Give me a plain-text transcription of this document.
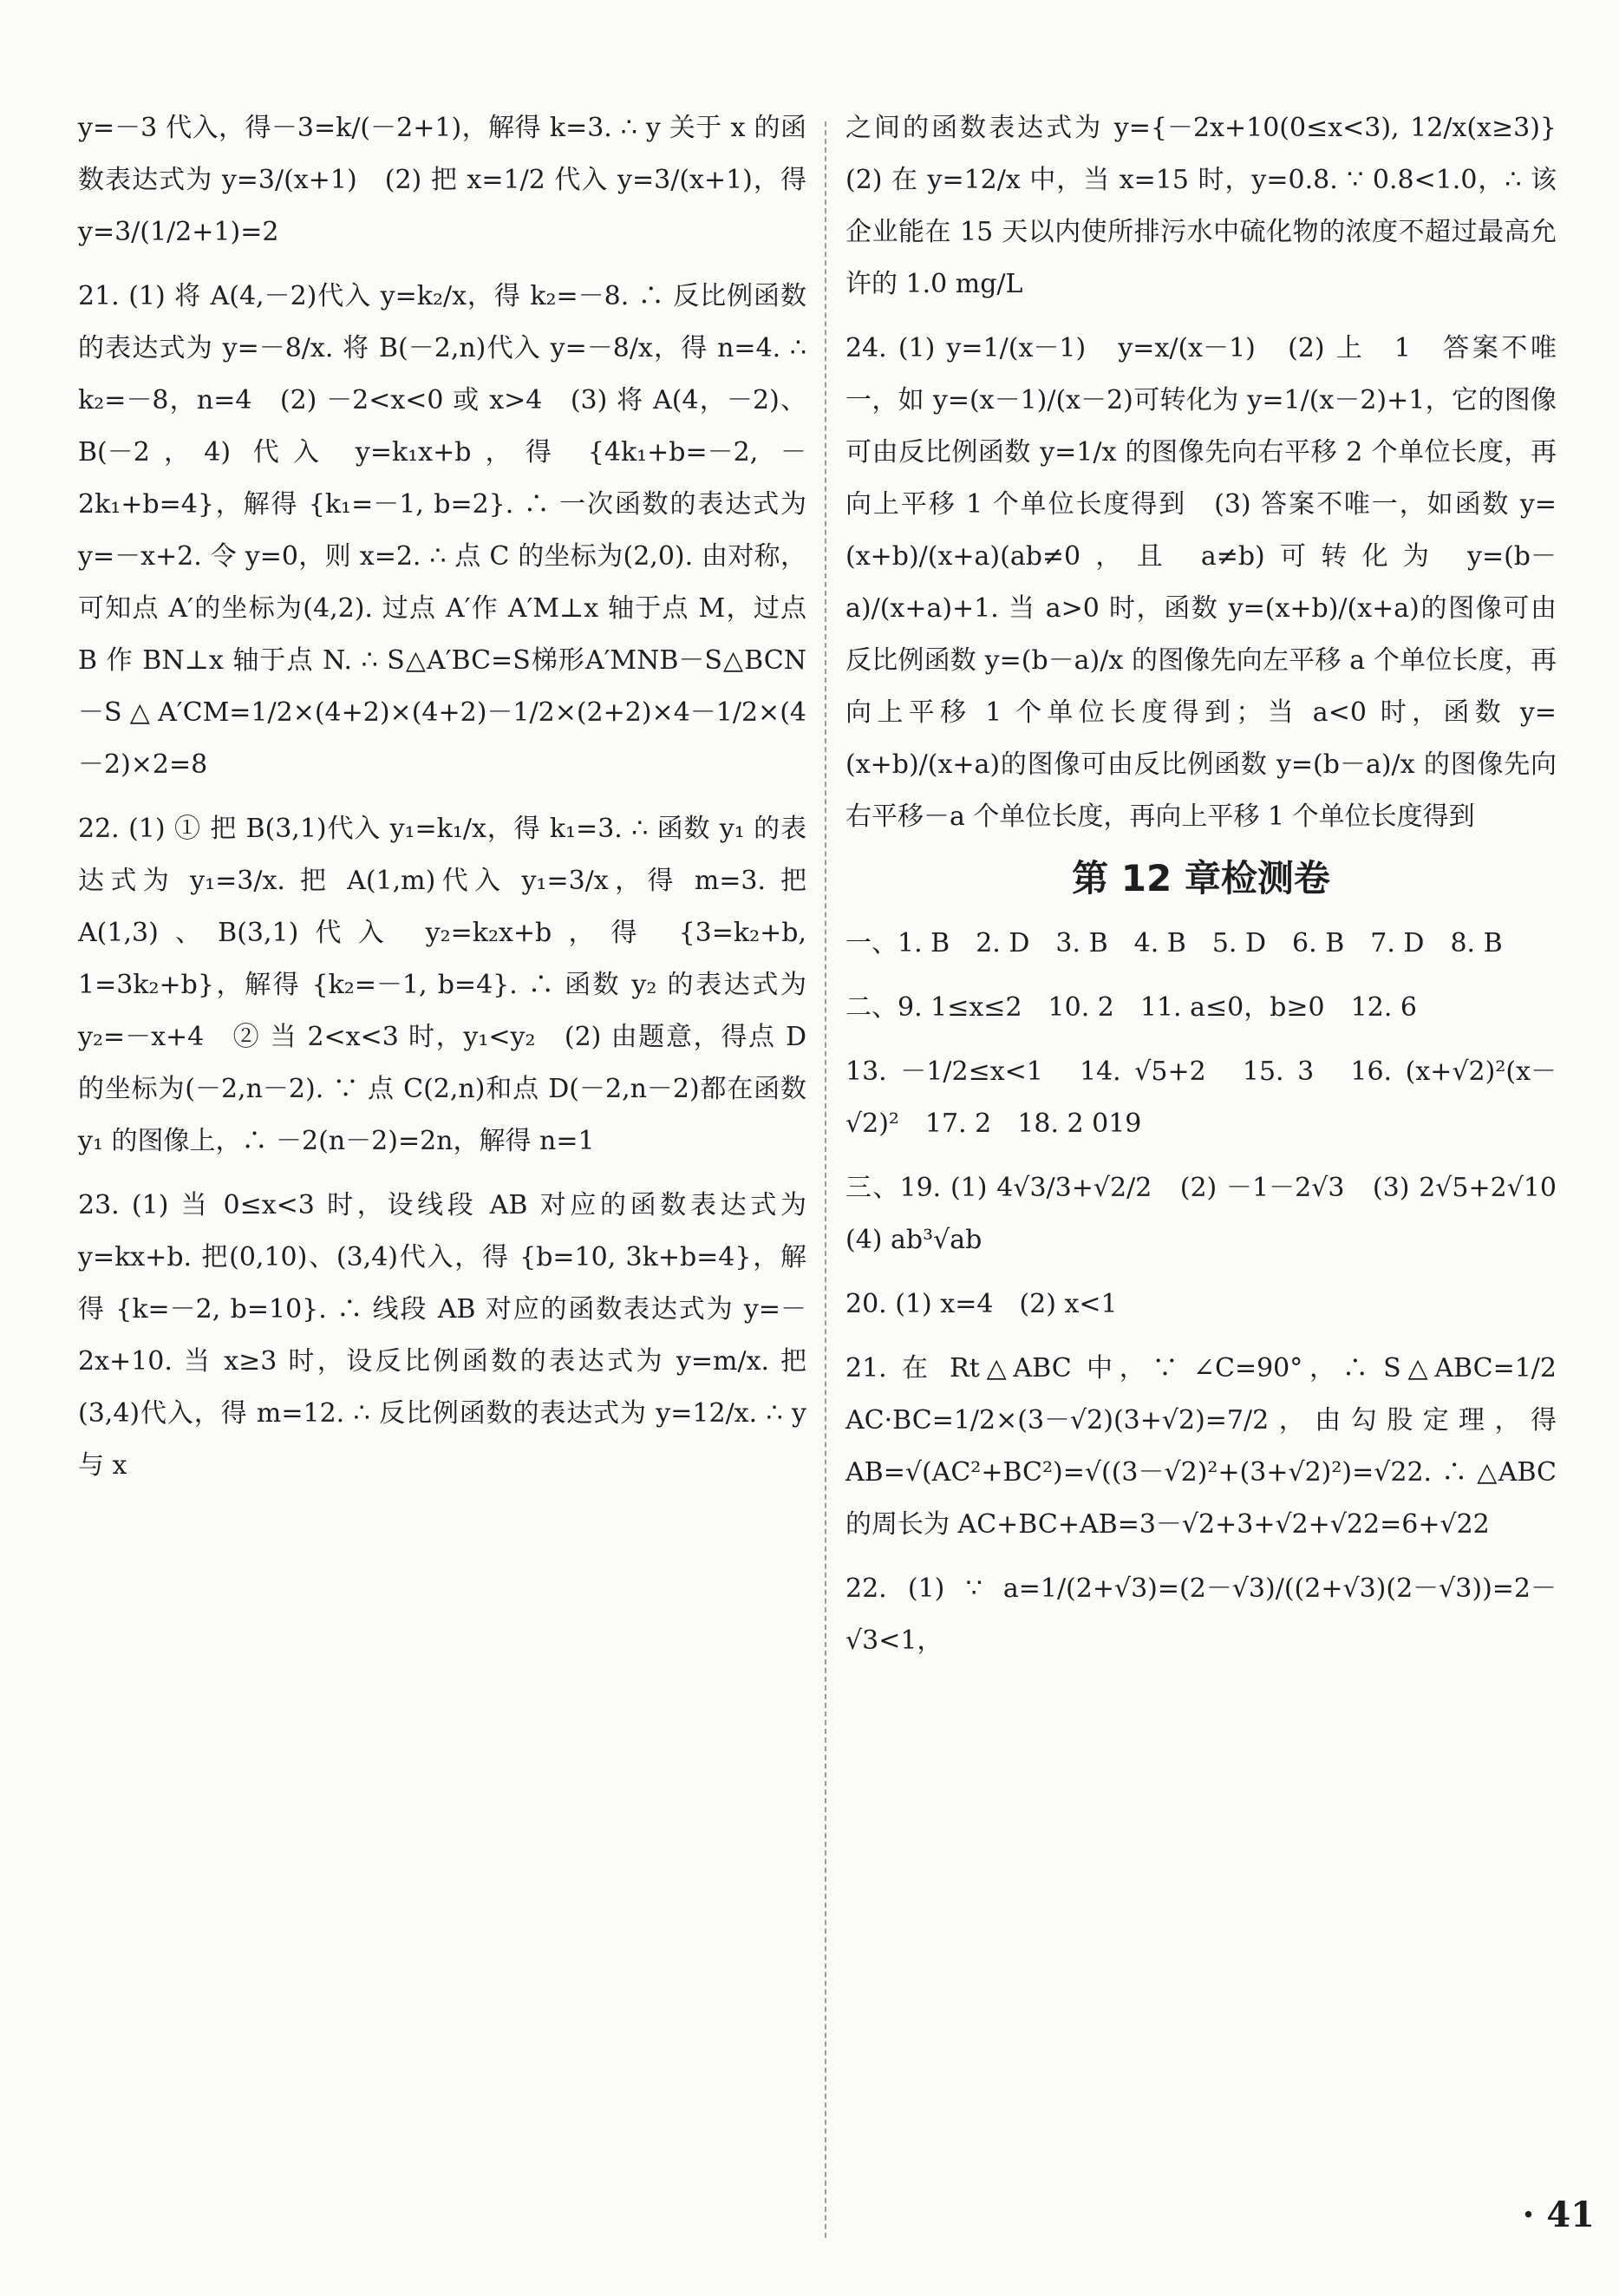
y=－3 代入，得－3=k/(－2+1)，解得 k=3. ∴ y 关于 x 的函数表达式为 y=3/(x+1)　(2) 把 x=1/2 代入 y=3/(x+1)，得 y=3/(1/2+1)=2

21. (1) 将 A(4,－2)代入 y=k₂/x，得 k₂=－8. ∴ 反比例函数的表达式为 y=－8/x. 将 B(－2,n)代入 y=－8/x，得 n=4. ∴ k₂=－8，n=4　(2) －2<x<0 或 x>4　(3) 将 A(4，－2)、B(－2，4) 代入 y=k₁x+b，得 {4k₁+b=－2, －2k₁+b=4}，解得 {k₁=－1, b=2}. ∴ 一次函数的表达式为 y=－x+2. 令 y=0，则 x=2. ∴ 点 C 的坐标为(2,0). 由对称，可知点 A′的坐标为(4,2). 过点 A′作 A′M⊥x 轴于点 M，过点 B 作 BN⊥x 轴于点 N. ∴ S△A′BC=S梯形A′MNB－S△BCN－S△A′CM=1/2×(4+2)×(4+2)－1/2×(2+2)×4－1/2×(4－2)×2=8

22. (1) ① 把 B(3,1)代入 y₁=k₁/x，得 k₁=3. ∴ 函数 y₁ 的表达式为 y₁=3/x. 把 A(1,m)代入 y₁=3/x，得 m=3. 把 A(1,3)、B(3,1)代入 y₂=k₂x+b，得 {3=k₂+b, 1=3k₂+b}，解得 {k₂=－1, b=4}. ∴ 函数 y₂ 的表达式为 y₂=－x+4　② 当 2<x<3 时，y₁<y₂　(2) 由题意，得点 D 的坐标为(－2,n－2). ∵ 点 C(2,n)和点 D(－2,n－2)都在函数 y₁ 的图像上，∴ －2(n－2)=2n，解得 n=1

23. (1) 当 0≤x<3 时，设线段 AB 对应的函数表达式为 y=kx+b. 把(0,10)、(3,4)代入，得 {b=10, 3k+b=4}，解得 {k=－2, b=10}. ∴ 线段 AB 对应的函数表达式为 y=－2x+10. 当 x≥3 时，设反比例函数的表达式为 y=m/x. 把(3,4)代入，得 m=12. ∴ 反比例函数的表达式为 y=12/x. ∴ y 与 x

之间的函数表达式为 y={－2x+10(0≤x<3), 12/x(x≥3)}　(2) 在 y=12/x 中，当 x=15 时，y=0.8. ∵ 0.8<1.0，∴ 该企业能在 15 天以内使所排污水中硫化物的浓度不超过最高允许的 1.0 mg/L

24. (1) y=1/(x－1)　y=x/(x－1)　(2) 上　1　答案不唯一，如 y=(x－1)/(x－2)可转化为 y=1/(x－2)+1，它的图像可由反比例函数 y=1/x 的图像先向右平移 2 个单位长度，再向上平移 1 个单位长度得到　(3) 答案不唯一，如函数 y=(x+b)/(x+a)(ab≠0，且 a≠b)可转化为 y=(b－a)/(x+a)+1. 当 a>0 时，函数 y=(x+b)/(x+a)的图像可由反比例函数 y=(b－a)/x 的图像先向左平移 a 个单位长度，再向上平移 1 个单位长度得到；当 a<0 时，函数 y=(x+b)/(x+a)的图像可由反比例函数 y=(b－a)/x 的图像先向右平移－a 个单位长度，再向上平移 1 个单位长度得到

第 12 章检测卷

一、1. B　2. D　3. B　4. B　5. D　6. B　7. D　8. B

二、9. 1≤x≤2　10. 2　11. a≤0，b≥0　12. 6

13. －1/2≤x<1　14. √5+2　15. 3　16. (x+√2)²(x－√2)²　17. 2　18. 2 019

三、19. (1) 4√3/3+√2/2　(2) －1－2√3　(3) 2√5+2√10　(4) ab³√ab

20. (1) x=4　(2) x<1

21. 在 Rt△ABC 中，∵ ∠C=90°，∴ S△ABC=1/2 AC·BC=1/2×(3－√2)(3+√2)=7/2，由勾股定理，得 AB=√(AC²+BC²)=√((3－√2)²+(3+√2)²)=√22. ∴ △ABC 的周长为 AC+BC+AB=3－√2+3+√2+√22=6+√22

22. (1) ∵ a=1/(2+√3)=(2－√3)/((2+√3)(2－√3))=2－√3<1，

· 41
